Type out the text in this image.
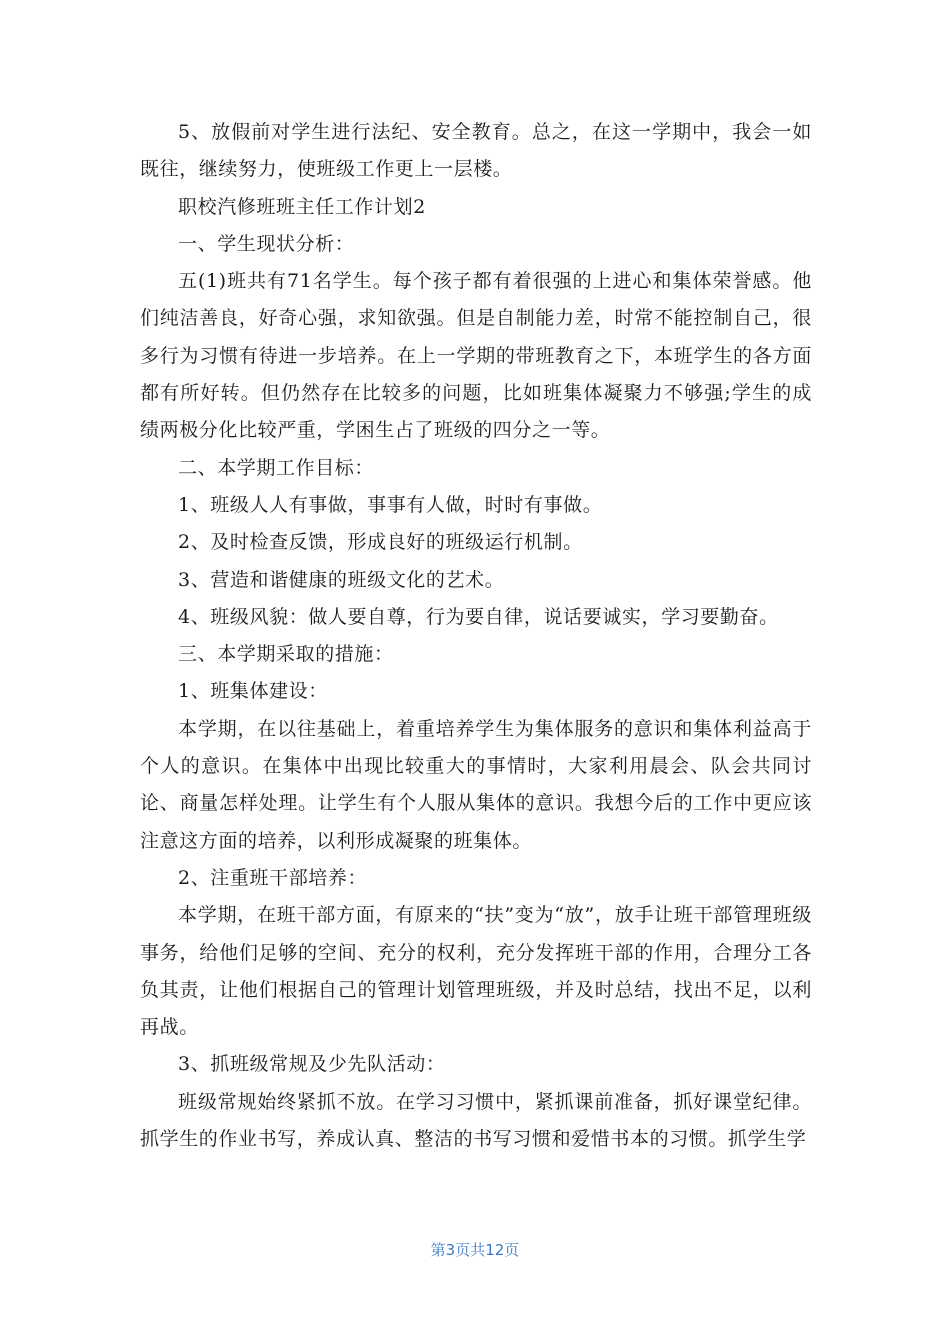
5、放假前对学生进行法纪、安全教育。总之，在这一学期中，我会一如既往，继续努力，使班级工作更上一层楼。

职校汽修班班主任工作计划2

一、学生现状分析：

五(1)班共有71名学生。每个孩子都有着很强的上进心和集体荣誉感。他们纯洁善良，好奇心强，求知欲强。但是自制能力差，时常不能控制自己，很多行为习惯有待进一步培养。在上一学期的带班教育之下，本班学生的各方面都有所好转。但仍然存在比较多的问题，比如班集体凝聚力不够强;学生的成绩两极分化比较严重，学困生占了班级的四分之一等。

二、本学期工作目标：

1、班级人人有事做，事事有人做，时时有事做。

2、及时检查反馈，形成良好的班级运行机制。

3、营造和谐健康的班级文化的艺术。

4、班级风貌：做人要自尊，行为要自律，说话要诚实，学习要勤奋。

三、本学期采取的措施：

1、班集体建设：

本学期，在以往基础上，着重培养学生为集体服务的意识和集体利益高于个人的意识。在集体中出现比较重大的事情时，大家利用晨会、队会共同讨论、商量怎样处理。让学生有个人服从集体的意识。我想今后的工作中更应该注意这方面的培养，以利形成凝聚的班集体。

2、注重班干部培养：

本学期，在班干部方面，有原来的“扶”变为“放”，放手让班干部管理班级事务，给他们足够的空间、充分的权利，充分发挥班干部的作用，合理分工各负其责，让他们根据自己的管理计划管理班级，并及时总结，找出不足，以利再战。

3、抓班级常规及少先队活动：

班级常规始终紧抓不放。在学习习惯中，紧抓课前准备，抓好课堂纪律。抓学生的作业书写，养成认真、整洁的书写习惯和爱惜书本的习惯。抓学生学

第3页共12页
